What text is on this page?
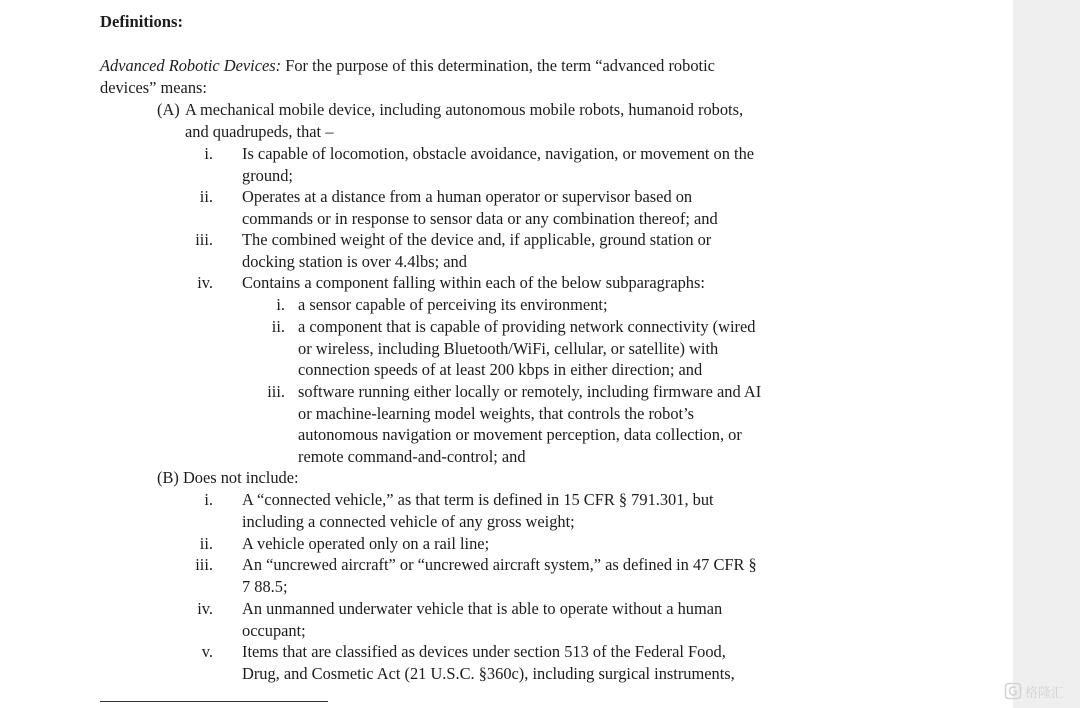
Definitions:

Advanced Robotic Devices: For the purpose of this determination, the term “advanced robotic

devices” means:

(A) A mechanical mobile device, including autonomous mobile robots, humanoid robots,

and quadrupeds, that –

i. Is capable of locomotion, obstacle avoidance, navigation, or movement on the

ground;

ii. Operates at a distance from a human operator or supervisor based on

commands or in response to sensor data or any combination thereof; and

iii. The combined weight of the device and, if applicable, ground station or

docking station is over 4.4lbs; and

iv. Contains a component falling within each of the below subparagraphs:

i. a sensor capable of perceiving its environment;

ii. a component that is capable of providing network connectivity (wired

or wireless, including Bluetooth/WiFi, cellular, or satellite) with

connection speeds of at least 200 kbps in either direction; and

iii. software running either locally or remotely, including firmware and AI

or machine-learning model weights, that controls the robot’s

autonomous navigation or movement perception, data collection, or

remote command-and-control; and

(B) Does not include:

i. A “connected vehicle,” as that term is defined in 15 CFR § 791.301, but

including a connected vehicle of any gross weight;

ii. A vehicle operated only on a rail line;

iii. An “uncrewed aircraft” or “uncrewed aircraft system,” as defined in 47 CFR §

7 88.5;

iv. An unmanned underwater vehicle that is able to operate without a human

occupant;

v. Items that are classified as devices under section 513 of the Federal Food,

Drug, and Cosmetic Act (21 U.S.C. §360c), including surgical instruments,

格隆汇
